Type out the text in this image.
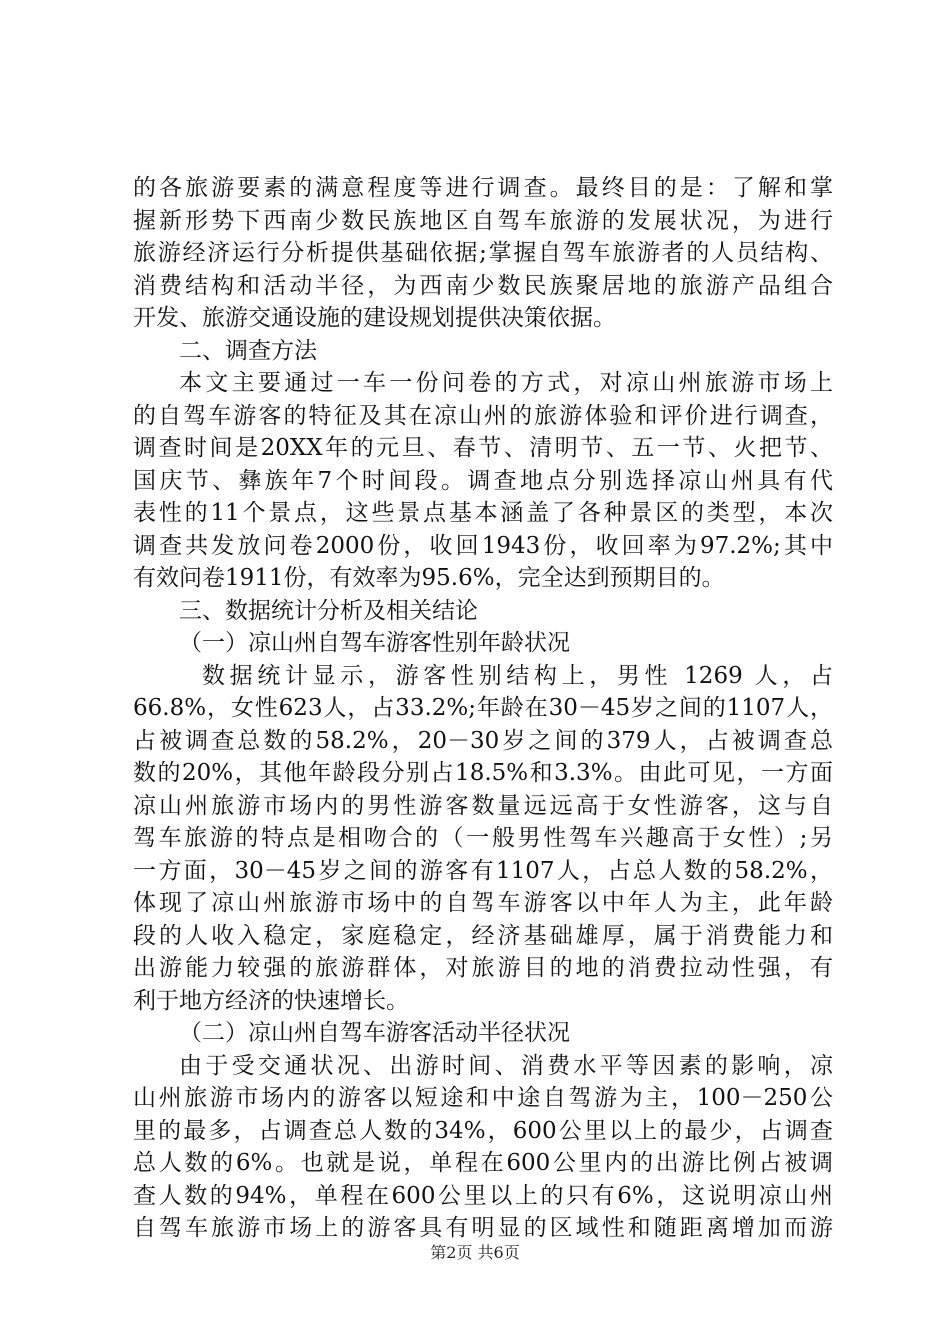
的各旅游要素的满意程度等进行调查。最终目的是：了解和掌
握新形势下西南少数民族地区自驾车旅游的发展状况，为进行
旅游经济运行分析提供基础依据;掌握自驾车旅游者的人员结构、
消费结构和活动半径，为西南少数民族聚居地的旅游产品组合
开发、旅游交通设施的建设规划提供决策依据。
二、调查方法
本文主要通过一车一份问卷的方式，对凉山州旅游市场上
的自驾车游客的特征及其在凉山州的旅游体验和评价进行调查，
调查时间是20XX年的元旦、春节、清明节、五一节、火把节、
国庆节、彝族年7个时间段。调查地点分别选择凉山州具有代
表性的11个景点，这些景点基本涵盖了各种景区的类型，本次
调查共发放问卷2000份，收回1943份，收回率为97.2%;其中
有效问卷1911份，有效率为95.6%，完全达到预期目的。
三、数据统计分析及相关结论
（一）凉山州自驾车游客性别年龄状况
数据统计显示，游客性别结构上，男性 1269 人，占
66.8%，女性623人，占33.2%;年龄在30－45岁之间的1107人，
占被调查总数的58.2%，20－30岁之间的379人，占被调查总
数的20%，其他年龄段分别占18.5%和3.3%。由此可见，一方面
凉山州旅游市场内的男性游客数量远远高于女性游客，这与自
驾车旅游的特点是相吻合的（一般男性驾车兴趣高于女性）;另
一方面，30－45岁之间的游客有1107人，占总人数的58.2%，
体现了凉山州旅游市场中的自驾车游客以中年人为主，此年龄
段的人收入稳定，家庭稳定，经济基础雄厚，属于消费能力和
出游能力较强的旅游群体，对旅游目的地的消费拉动性强，有
利于地方经济的快速增长。
（二）凉山州自驾车游客活动半径状况
由于受交通状况、出游时间、消费水平等因素的影响，凉
山州旅游市场内的游客以短途和中途自驾游为主，100－250公
里的最多，占调查总人数的34%，600公里以上的最少，占调查
总人数的6%。也就是说，单程在600公里内的出游比例占被调
查人数的94%，单程在600公里以上的只有6%，这说明凉山州
自驾车旅游市场上的游客具有明显的区域性和随距离增加而游
第2页 共6页
